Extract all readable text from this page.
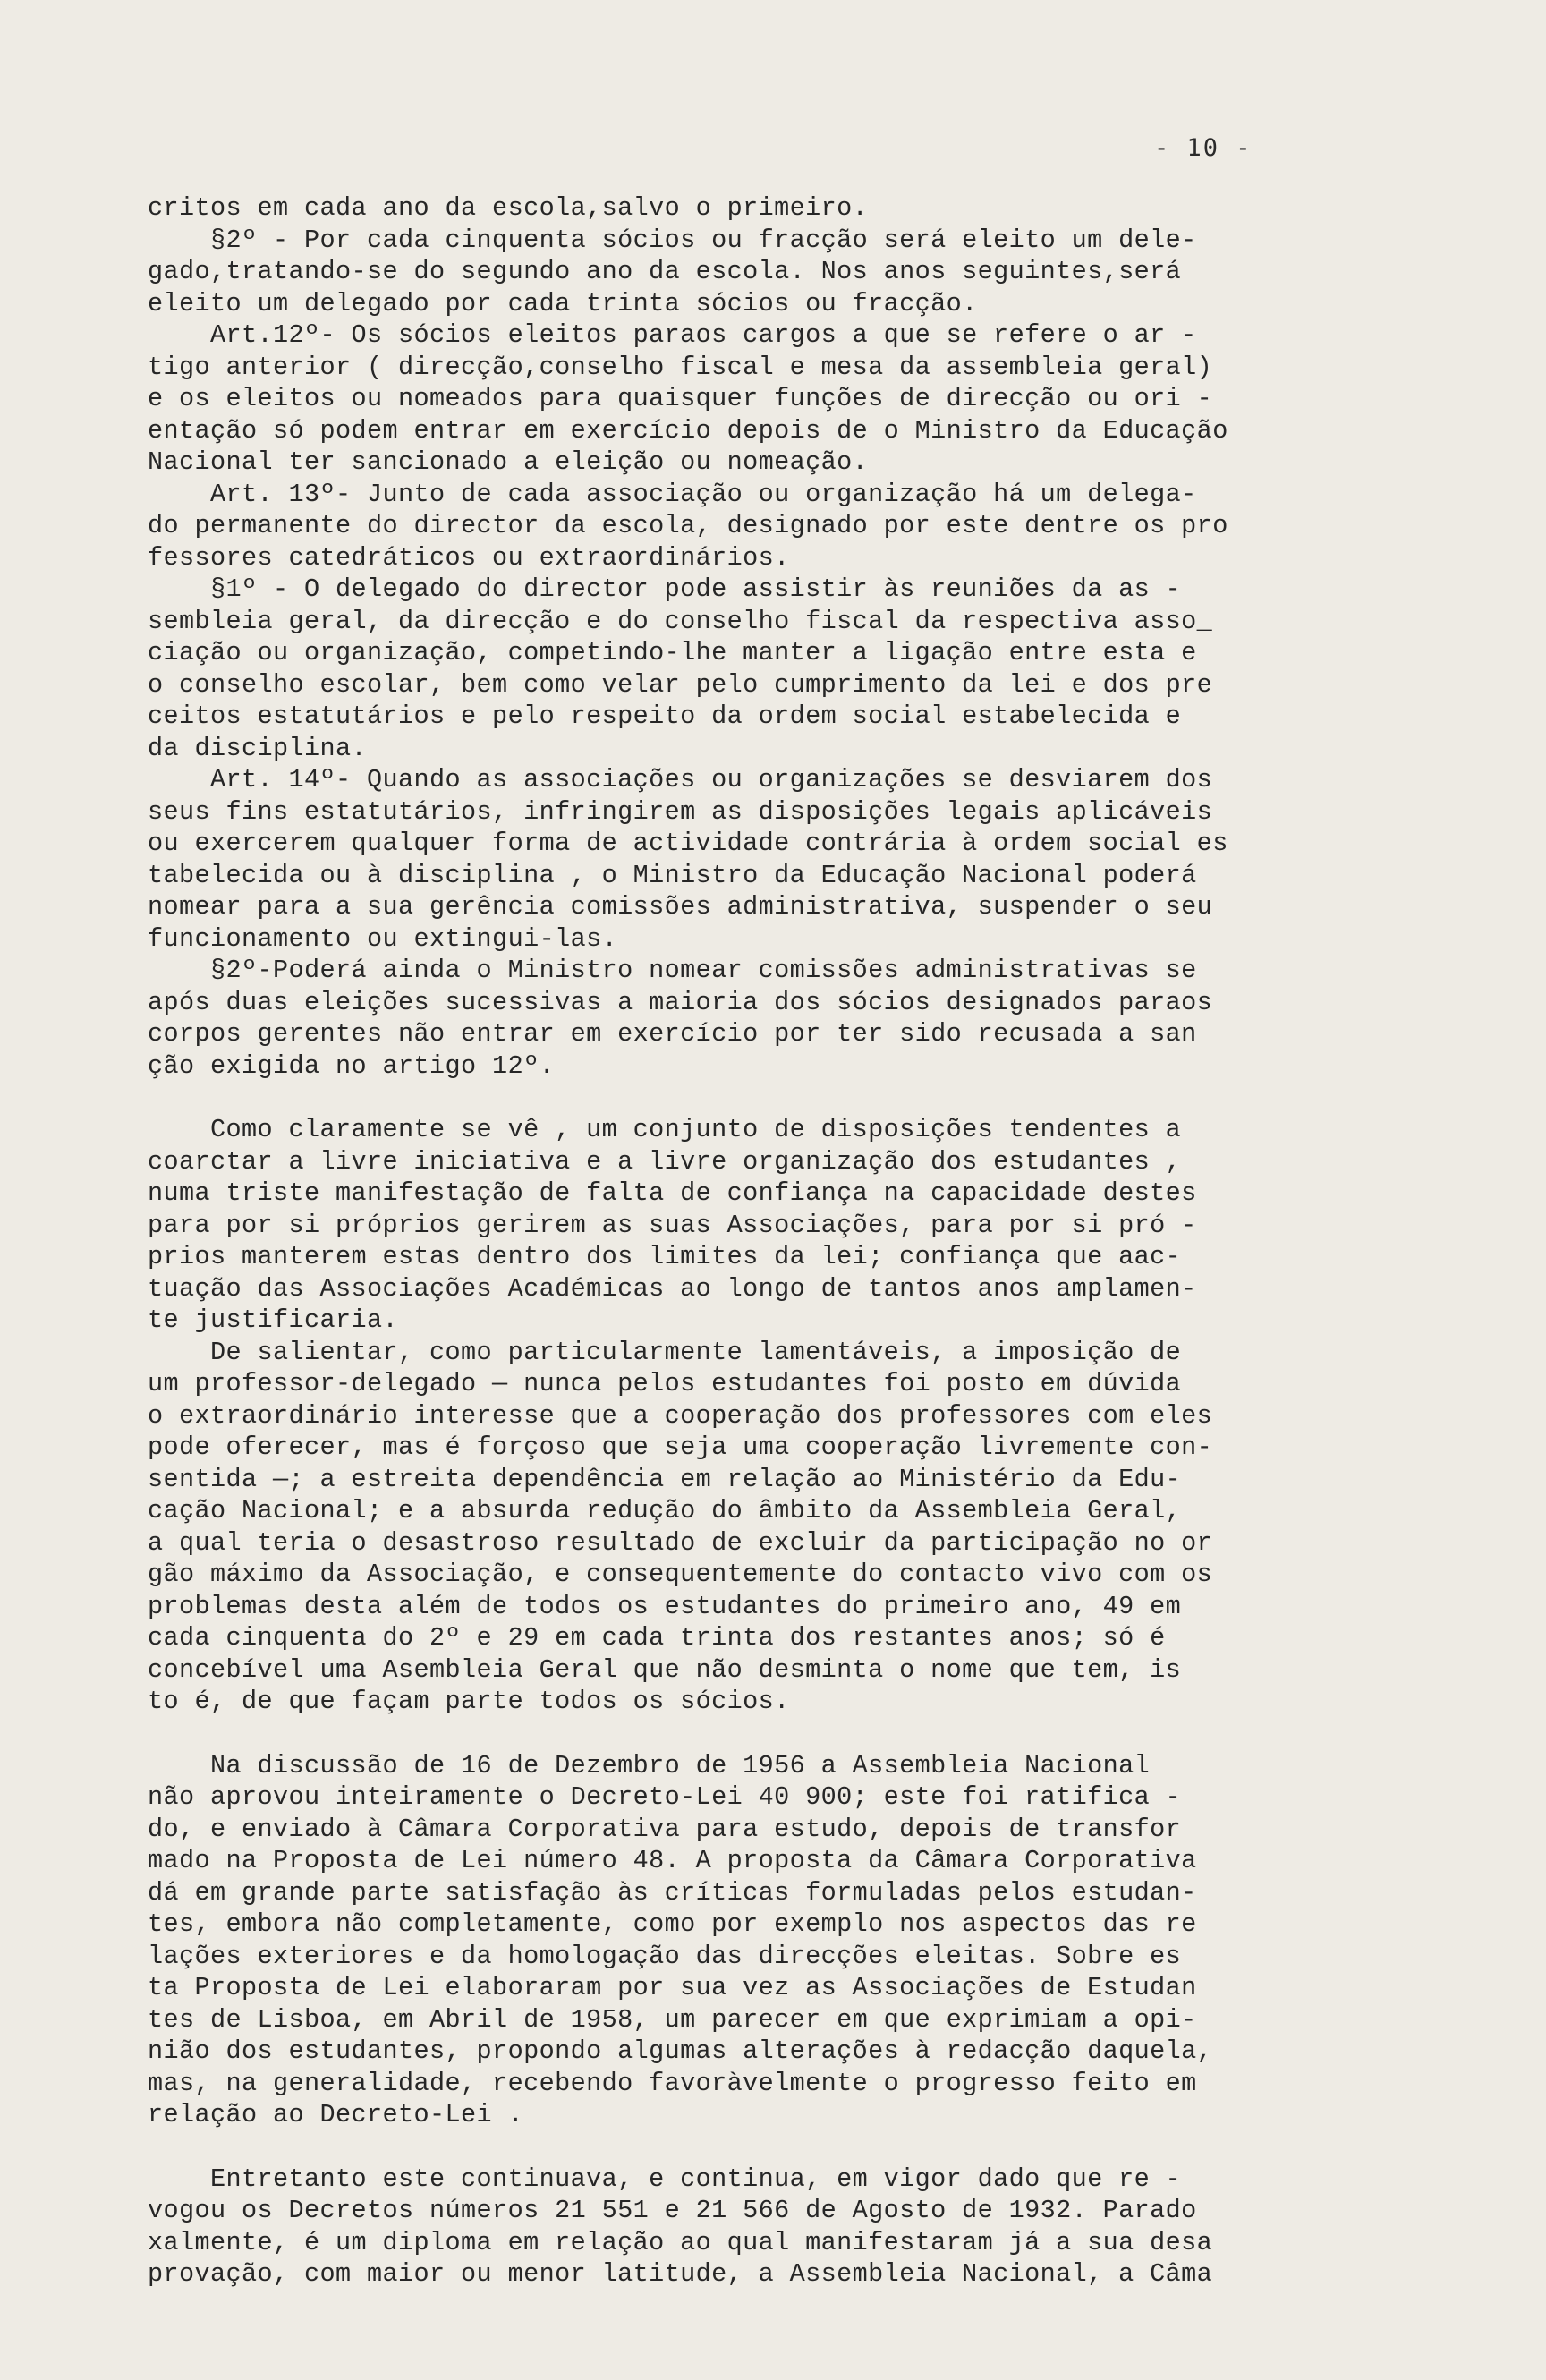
- 10 -
critos em cada ano da escola,salvo o primeiro.
§2º - Por cada cinquenta sócios ou fracção será eleito um dele-
gado,tratando-se do segundo ano da escola. Nos anos seguintes,será
eleito um delegado por cada trinta sócios ou fracção.
Art.12º- Os sócios eleitos paraos cargos a que se refere o ar -
tigo anterior ( direcção,conselho fiscal e mesa da assembleia geral)
e os eleitos ou nomeados para quaisquer funções de direcção ou ori -
entação só podem entrar em exercício depois de o Ministro da Educação
Nacional ter sancionado a eleição ou nomeação.
Art. 13º- Junto de cada associação ou organização há um delega-
do permanente do director da escola, designado por este dentre os pro
fessores catedráticos ou extraordinários.
§1º - O delegado do director pode assistir às reuniões da as -
sembleia geral, da direcção e do conselho fiscal da respectiva asso_
ciação ou organização, competindo-lhe manter a ligação entre esta e
o conselho escolar, bem como velar pelo cumprimento da lei e dos pre
ceitos estatutários e pelo respeito da ordem social estabelecida e
da disciplina.
Art. 14º- Quando as associações ou organizações se desviarem dos
seus fins estatutários, infringirem as disposições legais aplicáveis
ou exercerem qualquer forma de actividade contrária à ordem social es
tabelecida ou à disciplina , o Ministro da Educação Nacional poderá
nomear para a sua gerência comissões administrativa, suspender o seu
funcionamento ou extingui-las.
§2º-Poderá ainda o Ministro nomear comissões administrativas se
após duas eleições sucessivas a maioria dos sócios designados paraos
corpos gerentes não entrar em exercício por ter sido recusada a san
ção exigida no artigo 12º.
Como claramente se vê , um conjunto de disposições tendentes a
coarctar a livre iniciativa e a livre organização dos estudantes ,
numa triste manifestação de falta de confiança na capacidade destes
para por si próprios gerirem as suas Associações, para por si pró -
prios manterem estas dentro dos limites da lei; confiança que aac-
tuação das Associações Académicas ao longo de tantos anos amplamen-
te justificaria.
De salientar, como particularmente lamentáveis, a imposição de
um professor-delegado — nunca pelos estudantes foi posto em dúvida
o extraordinário interesse que a cooperação dos professores com eles
pode oferecer, mas é forçoso que seja uma cooperação livremente con-
sentida —; a estreita dependência em relação ao Ministério da Edu-
cação Nacional; e a absurda redução do âmbito da Assembleia Geral,
a qual teria o desastroso resultado de excluir da participação no or
gão máximo da Associação, e consequentemente do contacto vivo com os
problemas desta além de todos os estudantes do primeiro ano, 49 em
cada cinquenta do 2º e 29 em cada trinta dos restantes anos; só é
concebível uma Asembleia Geral que não desminta o nome que tem, is
to é, de que façam parte todos os sócios.
Na discussão de 16 de Dezembro de 1956 a Assembleia Nacional
não aprovou inteiramente o Decreto-Lei 40 900; este foi ratifica -
do, e enviado à Câmara Corporativa para estudo, depois de transfor
mado na Proposta de Lei número 48. A proposta da Câmara Corporativa
dá em grande parte satisfação às críticas formuladas pelos estudan-
tes, embora não completamente, como por exemplo nos aspectos das re
lações exteriores e da homologação das direcções eleitas. Sobre es
ta Proposta de Lei elaboraram por sua vez as Associações de Estudan
tes de Lisboa, em Abril de 1958, um parecer em que exprimiam a opi-
nião dos estudantes, propondo algumas alterações à redacção daquela,
mas, na generalidade, recebendo favoràvelmente o progresso feito em
relação ao Decreto-Lei .
Entretanto este continuava, e continua, em vigor dado que re -
vogou os Decretos números 21 551 e 21 566 de Agosto de 1932. Parado
xalmente, é um diploma em relação ao qual manifestaram já a sua desa
provação, com maior ou menor latitude, a Assembleia Nacional, a Câma
